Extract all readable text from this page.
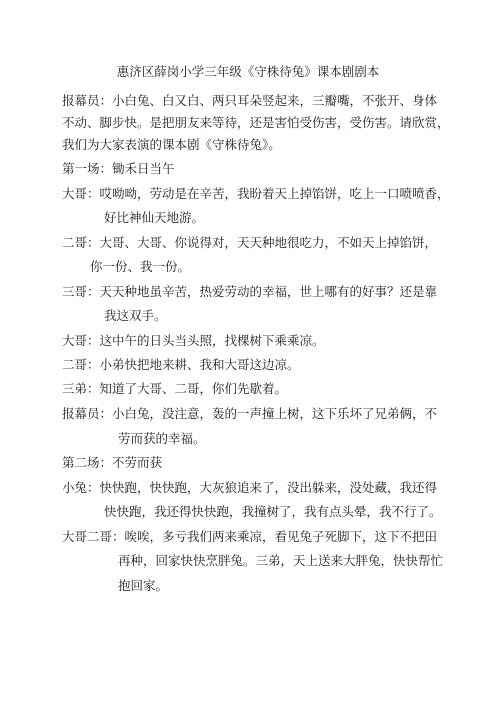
惠济区薛岗小学三年级《守株待兔》课本剧剧本
报幕员：小白兔、白又白、两只耳朵竖起来，三瓣嘴，不张开、身体
不动、脚步快。是把朋友来等待，还是害怕受伤害，受伤害。请欣赏，
我们为大家表演的课本剧《守株待兔》。
第一场：锄禾日当午
大哥：哎呦呦，劳动是在辛苦，我盼着天上掉馅饼，吃上一口喷喷香，
好比神仙天地游。
二哥：大哥、大哥、你说得对，天天种地很吃力，不如天上掉馅饼，
你一份、我一份。
三哥：天天种地虽辛苦，热爱劳动的幸福，世上哪有的好事？还是靠
我这双手。
大哥：这中午的日头当头照，找棵树下乘乘凉。
二哥：小弟快把地来耕、我和大哥这边凉。
三弟：知道了大哥、二哥，你们先歇着。
报幕员：小白兔，没注意，轰的一声撞上树，这下乐坏了兄弟俩，不
劳而获的幸福。
第二场：不劳而获
小兔：快快跑，快快跑，大灰狼追来了，没出躲来，没处藏，我还得
快快跑，我还得快快跑，我撞树了，我有点头晕，我不行了。
大哥二哥：唉唉，多亏我们两来乘凉，看见兔子死脚下，这下不把田
再种，回家快快烹胖兔。三弟，天上送来大胖兔，快快帮忙
抱回家。
